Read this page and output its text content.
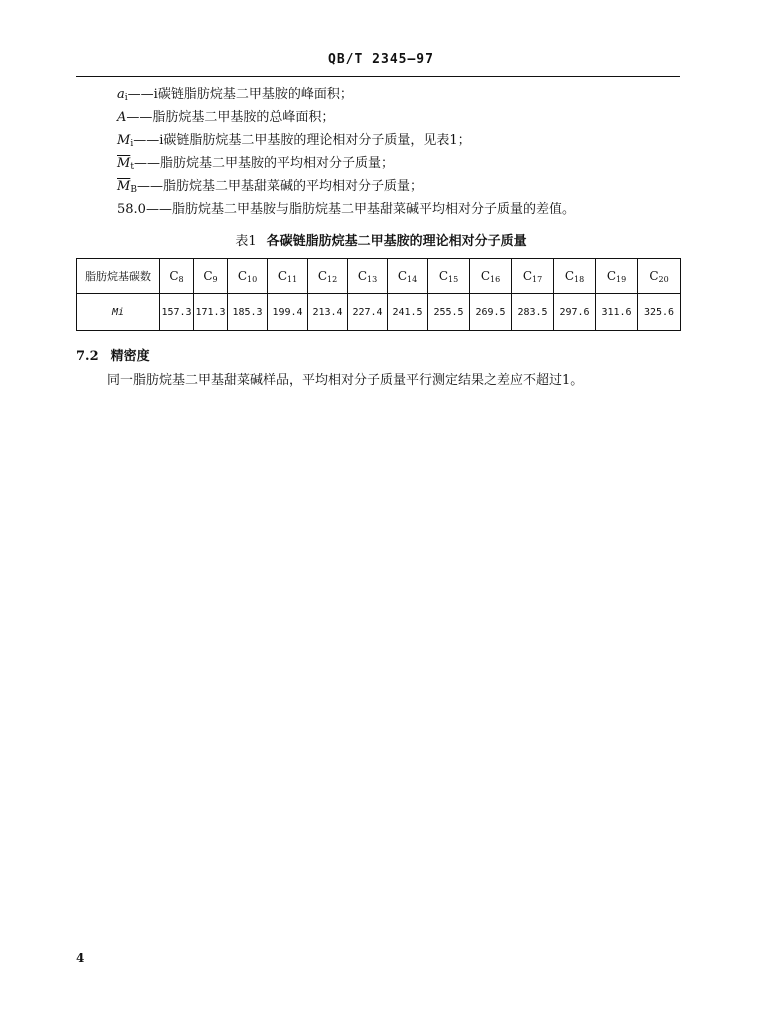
QB/T 2345—97
$a_i——i$碳链脂肪烷基二甲基胺的峰面积；
A——脂肪烷基二甲基胺的总峰面积；
$M_i——i$碳链脂肪烷基二甲基胺的理论相对分子质量，见表1；
$\overline{M}_t——$脂肪烷基二甲基胺的平均相对分子质量；
$\overline{M}_B——$脂肪烷基二甲基甜菜碱的平均相对分子质量；
58.0——脂肪烷基二甲基胺与脂肪烷基二甲基甜菜碱平均相对分子质量的差值。
表1 各碳链脂肪烷基二甲基胺的理论相对分子质量
脂肪烷基碳数	C8	C9	C10	C11	C12	C13	C14	C15	C16	C17	C18	C19	C20
Mi	157.3	171.3	185.3	199.4	213.4	227.4	241.5	255.5	269.5	283.5	297.6	311.6	325.6
7.2 精密度
同一脂肪烷基二甲基甜菜碱样品，平均相对分子质量平行测定结果之差应不超过1。
4
